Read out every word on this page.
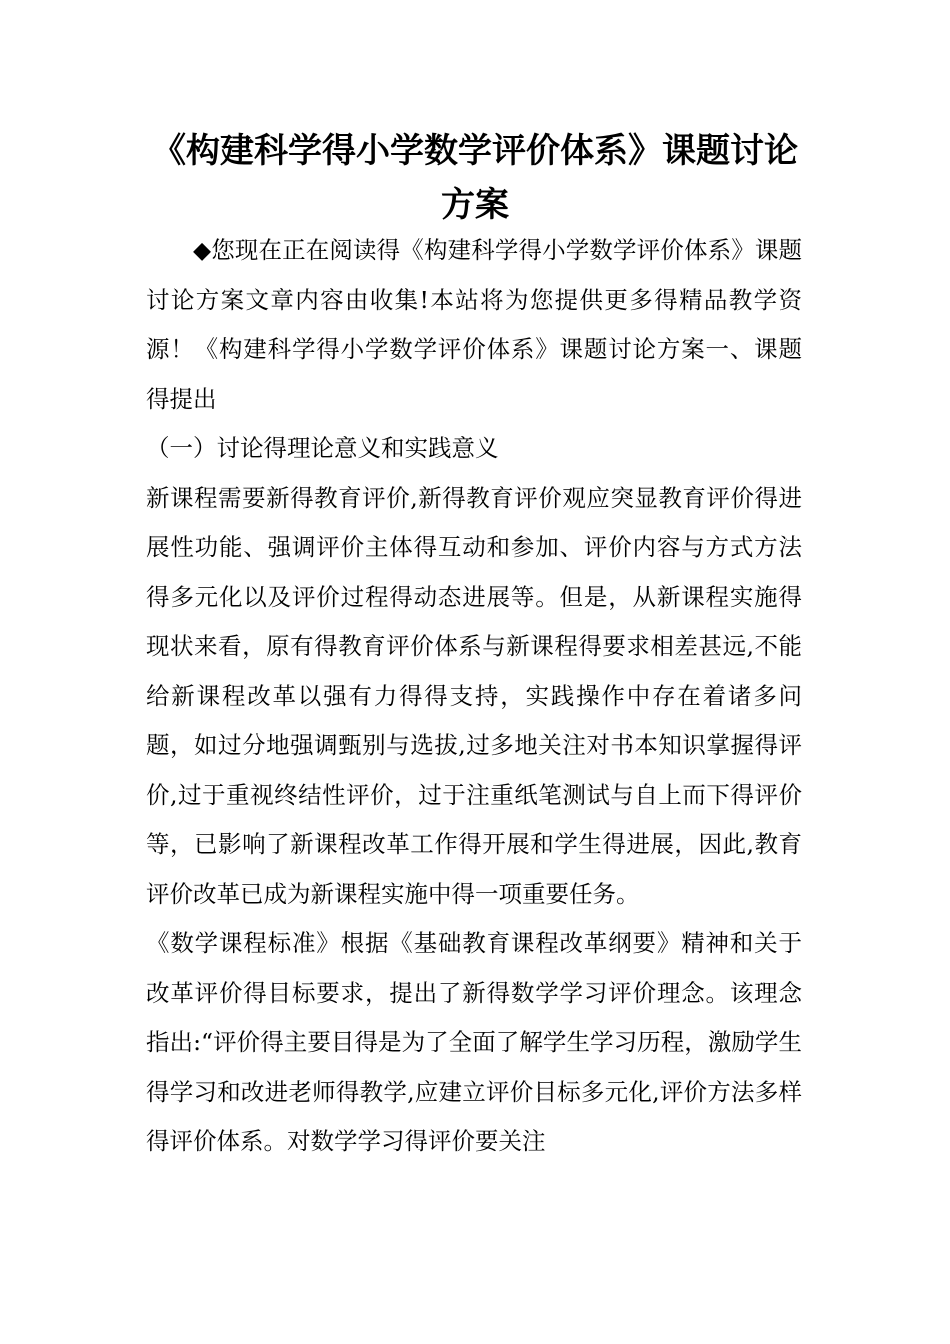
《构建科学得小学数学评价体系》课题讨论方案

◆您现在正在阅读得《构建科学得小学数学评价体系》课题讨论方案文章内容由收集!本站将为您提供更多得精品教学资源！《构建科学得小学数学评价体系》课题讨论方案一、课题得提出

（一）讨论得理论意义和实践意义

新课程需要新得教育评价,新得教育评价观应突显教育评价得进展性功能、强调评价主体得互动和参加、评价内容与方式方法得多元化以及评价过程得动态进展等。但是，从新课程实施得现状来看，原有得教育评价体系与新课程得要求相差甚远,不能给新课程改革以强有力得得支持，实践操作中存在着诸多问题，如过分地强调甄别与选拔,过多地关注对书本知识掌握得评价,过于重视终结性评价，过于注重纸笔测试与自上而下得评价等，已影响了新课程改革工作得开展和学生得进展，因此,教育评价改革已成为新课程实施中得一项重要任务。

《数学课程标准》根据《基础教育课程改革纲要》精神和关于改革评价得目标要求，提出了新得数学学习评价理念。该理念指出:“评价得主要目得是为了全面了解学生学习历程，激励学生得学习和改进老师得教学,应建立评价目标多元化,评价方法多样得评价体系。对数学学习得评价要关注
